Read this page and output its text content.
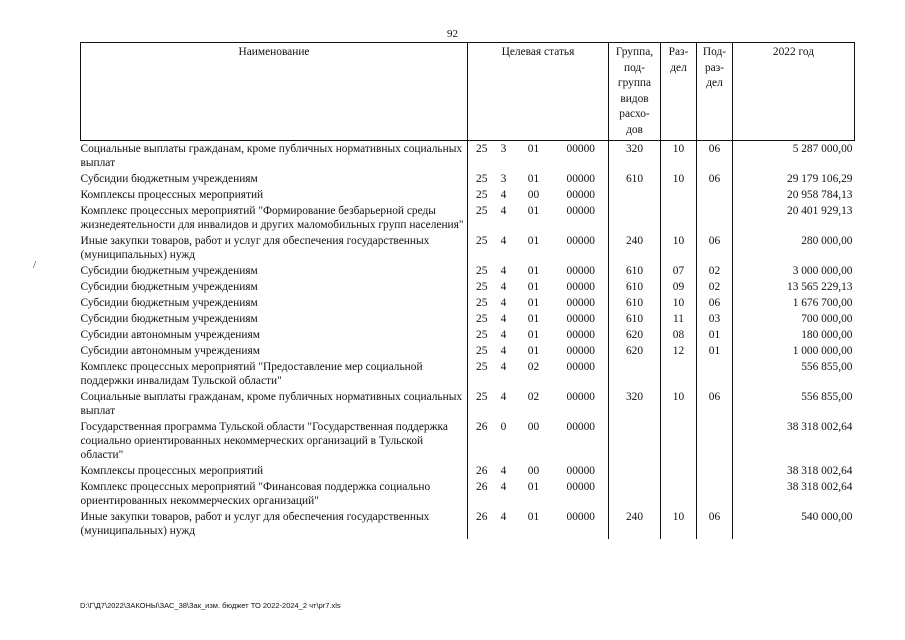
92
/
Наименование	Целевая статья				Группа, под- группа видов расхо- дов	Раз- дел	Под- раз- дел	2022 год
Социальные выплаты гражданам, кроме публичных нормативных социальных выплат	25	3	01	00000	320	10	06	5 287 000,00
Субсидии бюджетным учреждениям	25	3	01	00000	610	10	06	29 179 106,29
Комплексы процессных мероприятий	25	4	00	00000				20 958 784,13
Комплекс процессных мероприятий "Формирование безбарьерной среды жизнедеятельности для инвалидов и других маломобильных групп населения"	25	4	01	00000				20 401 929,13
Иные закупки товаров, работ и услуг для обеспечения государственных (муниципальных) нужд	25	4	01	00000	240	10	06	280 000,00
Субсидии бюджетным учреждениям	25	4	01	00000	610	07	02	3 000 000,00
Субсидии бюджетным учреждениям	25	4	01	00000	610	09	02	13 565 229,13
Субсидии бюджетным учреждениям	25	4	01	00000	610	10	06	1 676 700,00
Субсидии бюджетным учреждениям	25	4	01	00000	610	11	03	700 000,00
Субсидии автономным учреждениям	25	4	01	00000	620	08	01	180 000,00
Субсидии автономным учреждениям	25	4	01	00000	620	12	01	1 000 000,00
Комплекс процессных мероприятий "Предоставление мер социальной поддержки инвалидам Тульской области"	25	4	02	00000				556 855,00
Социальные выплаты гражданам, кроме публичных нормативных социальных выплат	25	4	02	00000	320	10	06	556 855,00
Государственная программа Тульской области "Государственная поддержка социально ориентированных некоммерческих организаций в Тульской области"	26	0	00	00000				38 318 002,64
Комплексы процессных мероприятий	26	4	00	00000				38 318 002,64
Комплекс процессных мероприятий "Финансовая поддержка социально ориентированных некоммерческих организаций"	26	4	01	00000				38 318 002,64
Иные закупки товаров, работ и услуг для обеспечения государственных (муниципальных) нужд	26	4	01	00000	240	10	06	540 000,00
D:\Г\Д7\2022\ЗАКОНЫ\ЗАС_38\Зак_изм. бюджет ТО 2022-2024_2 чт\pr7.xls
